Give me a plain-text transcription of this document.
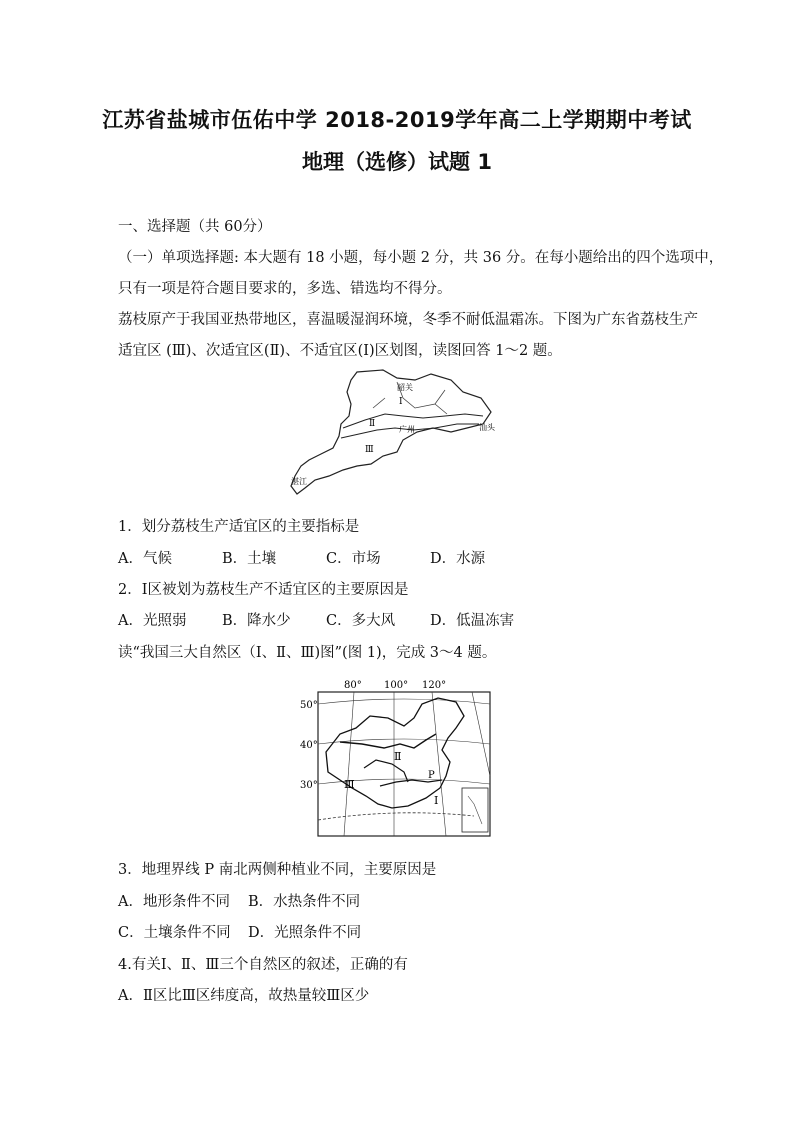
江苏省盐城市伍佑中学 2018-2019学年高二上学期期中考试
地理（选修）试题 1
一、选择题（共 60分）
（一）单项选择题: 本大题有 18 小题，每小题 2 分，共 36 分。在每小题给出的四个选项中，
只有一项是符合题目要求的，多选、错选均不得分。
荔枝原产于我国亚热带地区，喜温暖湿润环境，冬季不耐低温霜冻。下图为广东省荔枝生产
适宜区 (Ⅲ)、次适宜区(Ⅱ)、不适宜区(Ⅰ)区划图，读图回答 1～2 题。
韶关
Ⅰ
Ⅱ
广州	汕头
Ⅲ
湛江
1．划分荔枝生产适宜区的主要指标是
A．气候	B．土壤	C．市场	D．水源
2．Ⅰ区被划为荔枝生产不适宜区的主要原因是
A．光照弱 B．降水少 C．多大风 D．低温冻害
读“我国三大自然区（Ⅰ、Ⅱ、Ⅲ)图”(图 1)，完成 3～4 题。
80° 100° 120°
50°
40°
30°
Ⅱ
Ⅲ
P
Ⅰ
3．地理界线 P 南北两侧种植业不同，主要原因是
A．地形条件不同 B．水热条件不同
C．土壤条件不同 D．光照条件不同
4.有关Ⅰ、Ⅱ、Ⅲ三个自然区的叙述，正确的有
A．Ⅱ区比Ⅲ区纬度高，故热量较Ⅲ区少
